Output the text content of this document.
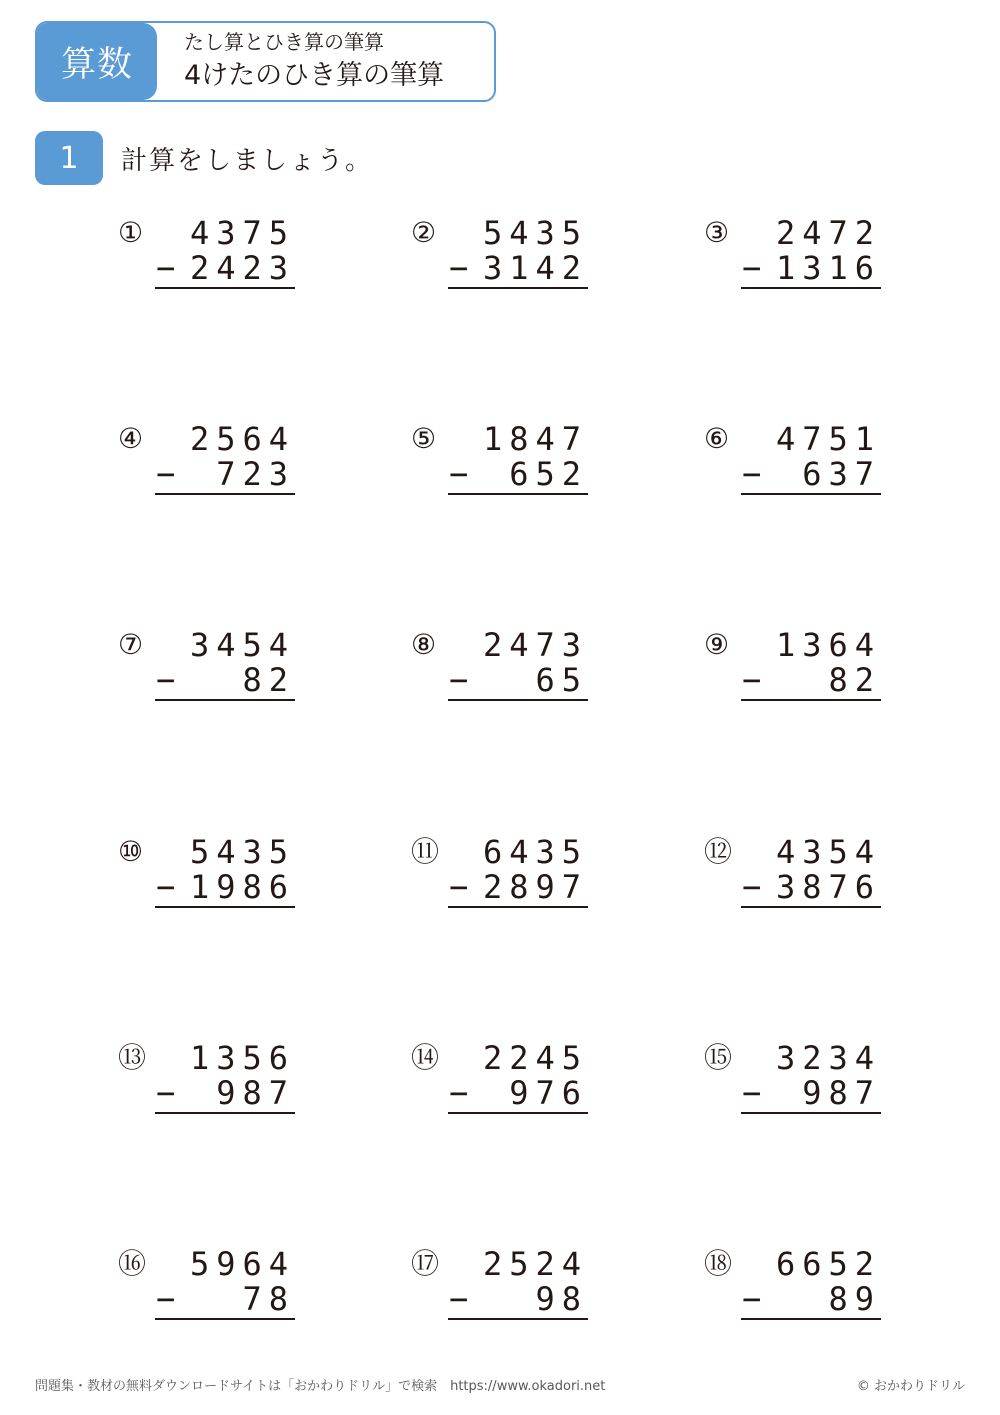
算数
たし算とひき算の筆算
4けたのひき算の筆算
1	計算をしましょう。
①	4375
− 2423
②	5435
− 3142
③	2472
− 1316
④	2564
−	723
⑤	1847
−	652
⑥	4751
−	637
⑦	3454
−	82
⑧	2473
−	65
⑨	1364
−	82
⑩	5435
− 1986
⑪	6435
− 2897
⑫	4354
− 3876
⑬	1356
−	987
⑭	2245
−	976
⑮	3234
−	987
⑯	5964
−	78
⑰	2524
−	98
⑱	6652
−	89
問題集・教材の無料ダウンロードサイトは「おかわりドリル」で検索　https://www.okadori.net	© おかわりドリル
